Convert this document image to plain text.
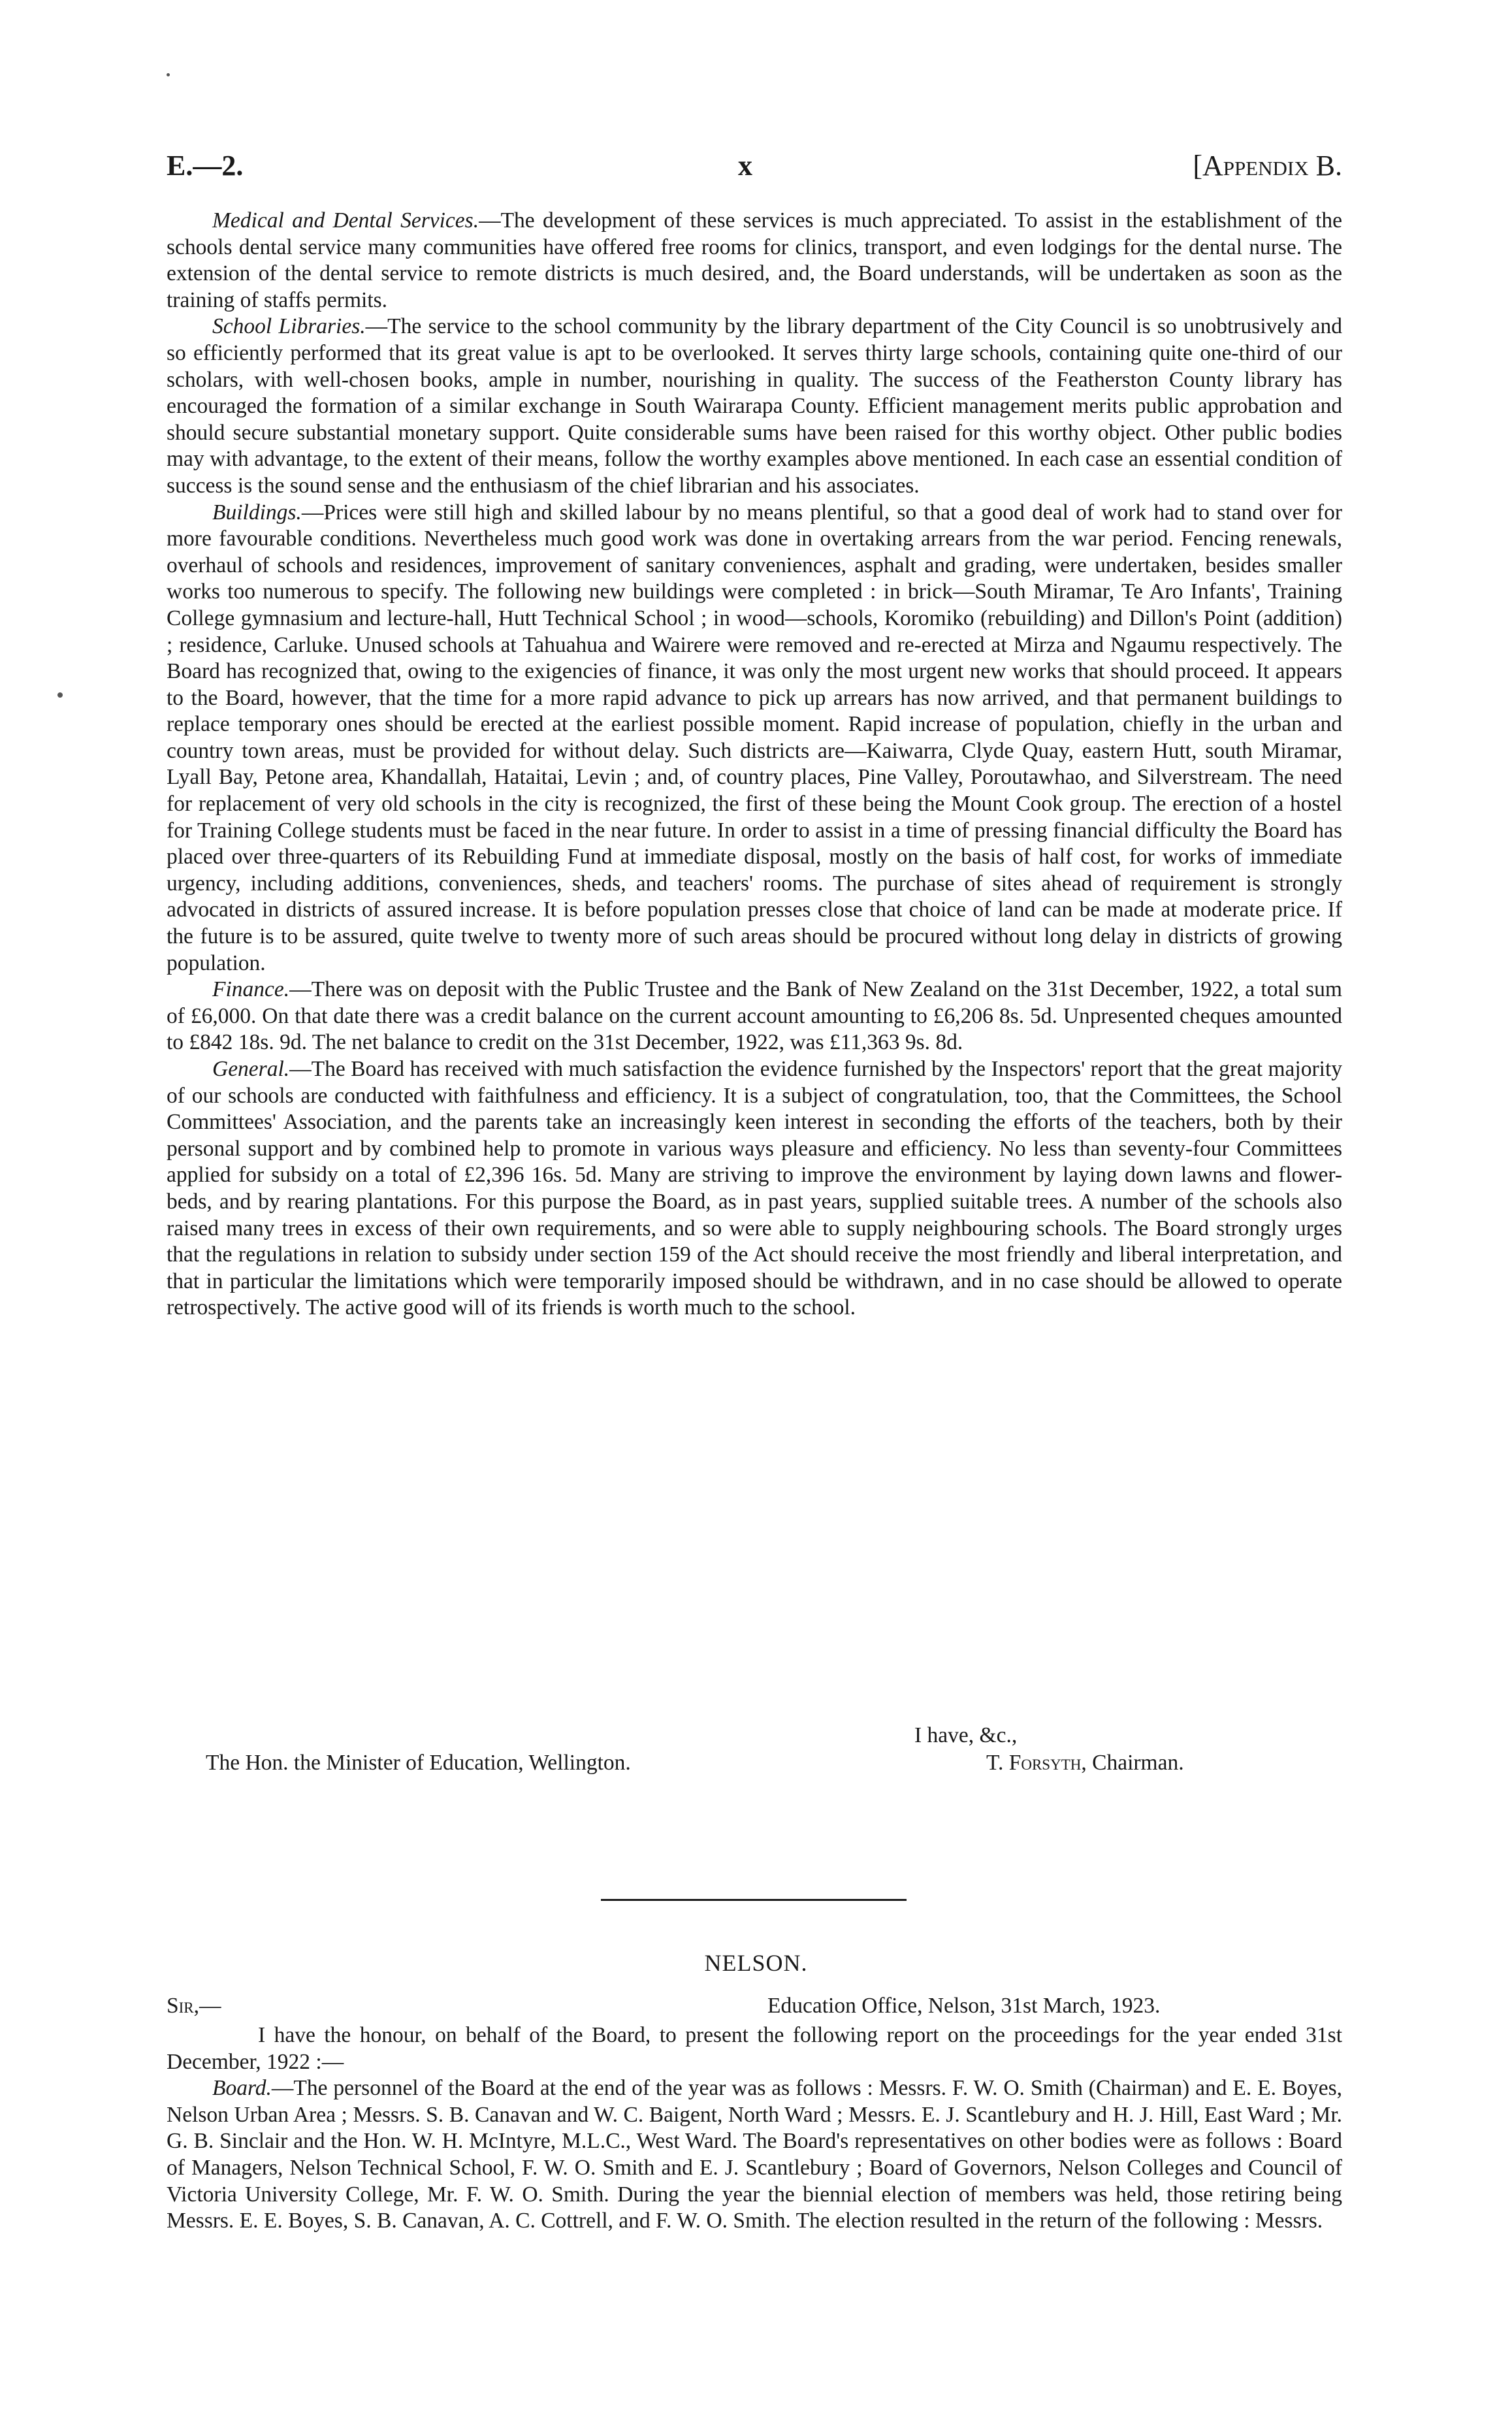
E.—2.	x	[Appendix B.

Medical and Dental Services.—The development of these services is much appreciated. To assist in the establishment of the schools dental service many communities have offered free rooms for clinics, transport, and even lodgings for the dental nurse. The extension of the dental service to remote districts is much desired, and, the Board understands, will be undertaken as soon as the training of staffs permits.

School Libraries.—The service to the school community by the library department of the City Council is so unobtrusively and so efficiently performed that its great value is apt to be overlooked. It serves thirty large schools, containing quite one-third of our scholars, with well-chosen books, ample in number, nourishing in quality. The success of the Featherston County library has encouraged the formation of a similar exchange in South Wairarapa County. Efficient management merits public approbation and should secure substantial monetary support. Quite considerable sums have been raised for this worthy object. Other public bodies may with advantage, to the extent of their means, follow the worthy examples above mentioned. In each case an essential condition of success is the sound sense and the enthusiasm of the chief librarian and his associates.

Buildings.—Prices were still high and skilled labour by no means plentiful, so that a good deal of work had to stand over for more favourable conditions. Nevertheless much good work was done in overtaking arrears from the war period. Fencing renewals, overhaul of schools and residences, improvement of sanitary conveniences, asphalt and grading, were undertaken, besides smaller works too numerous to specify. The following new buildings were completed : in brick—South Miramar, Te Aro Infants', Training College gymnasium and lecture-hall, Hutt Technical School ; in wood—schools, Koromiko (rebuilding) and Dillon's Point (addition) ; residence, Carluke. Unused schools at Tahuahua and Wairere were removed and re-erected at Mirza and Ngaumu respectively. The Board has recognized that, owing to the exigencies of finance, it was only the most urgent new works that should proceed. It appears to the Board, however, that the time for a more rapid advance to pick up arrears has now arrived, and that permanent buildings to replace temporary ones should be erected at the earliest possible moment. Rapid increase of population, chiefly in the urban and country town areas, must be provided for without delay. Such districts are—Kaiwarra, Clyde Quay, eastern Hutt, south Miramar, Lyall Bay, Petone area, Khandallah, Hataitai, Levin ; and, of country places, Pine Valley, Poroutawhao, and Silverstream. The need for replacement of very old schools in the city is recognized, the first of these being the Mount Cook group. The erection of a hostel for Training College students must be faced in the near future. In order to assist in a time of pressing financial difficulty the Board has placed over three-quarters of its Rebuilding Fund at immediate disposal, mostly on the basis of half cost, for works of immediate urgency, including additions, conveniences, sheds, and teachers' rooms. The purchase of sites ahead of requirement is strongly advocated in districts of assured increase. It is before population presses close that choice of land can be made at moderate price. If the future is to be assured, quite twelve to twenty more of such areas should be procured without long delay in districts of growing population.

Finance.—There was on deposit with the Public Trustee and the Bank of New Zealand on the 31st December, 1922, a total sum of £6,000. On that date there was a credit balance on the current account amounting to £6,206 8s. 5d. Unpresented cheques amounted to £842 18s. 9d. The net balance to credit on the 31st December, 1922, was £11,363 9s. 8d.

General.—The Board has received with much satisfaction the evidence furnished by the Inspectors' report that the great majority of our schools are conducted with faithfulness and efficiency. It is a subject of congratulation, too, that the Committees, the School Committees' Association, and the parents take an increasingly keen interest in seconding the efforts of the teachers, both by their personal support and by combined help to promote in various ways pleasure and efficiency. No less than seventy-four Committees applied for subsidy on a total of £2,396 16s. 5d. Many are striving to improve the environment by laying down lawns and flower-beds, and by rearing plantations. For this purpose the Board, as in past years, supplied suitable trees. A number of the schools also raised many trees in excess of their own requirements, and so were able to supply neighbouring schools. The Board strongly urges that the regulations in relation to subsidy under section 159 of the Act should receive the most friendly and liberal interpretation, and that in particular the limitations which were temporarily imposed should be withdrawn, and in no case should be allowed to operate retrospectively. The active good will of its friends is worth much to the school.

I have, &c.,
The Hon. the Minister of Education, Wellington.	T. Forsyth, Chairman.
NELSON.
Sir,—	Education Office, Nelson, 31st March, 1923.

I have the honour, on behalf of the Board, to present the following report on the proceedings for the year ended 31st December, 1922 :—

Board.—The personnel of the Board at the end of the year was as follows : Messrs. F. W. O. Smith (Chairman) and E. E. Boyes, Nelson Urban Area ; Messrs. S. B. Canavan and W. C. Baigent, North Ward ; Messrs. E. J. Scantlebury and H. J. Hill, East Ward ; Mr. G. B. Sinclair and the Hon. W. H. McIntyre, M.L.C., West Ward. The Board's representatives on other bodies were as follows : Board of Managers, Nelson Technical School, F. W. O. Smith and E. J. Scantlebury ; Board of Governors, Nelson Colleges and Council of Victoria University College, Mr. F. W. O. Smith. During the year the biennial election of members was held, those retiring being Messrs. E. E. Boyes, S. B. Canavan, A. C. Cottrell, and F. W. O. Smith. The election resulted in the return of the following : Messrs.
